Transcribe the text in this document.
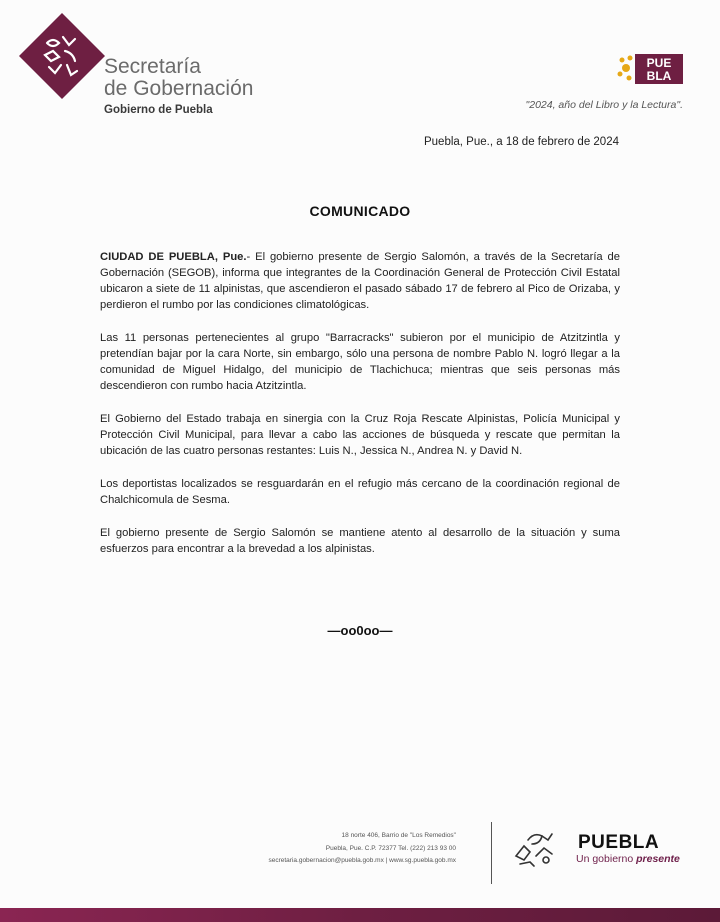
Secretaría
de Gobernación
Gobierno de Puebla
PUE
BLA
"2024, año del Libro y la Lectura".
Puebla, Pue., a 18 de febrero de 2024
COMUNICADO

CIUDAD DE PUEBLA, Pue.- El gobierno presente de Sergio Salomón, a través de la Secretaría de Gobernación (SEGOB), informa que integrantes de la Coordinación General de Protección Civil Estatal ubicaron a siete de 11 alpinistas, que ascendieron el pasado sábado 17 de febrero al Pico de Orizaba, y perdieron el rumbo por las condiciones climatológicas.

Las 11 personas pertenecientes al grupo "Barracracks" subieron por el municipio de Atzitzintla y pretendían bajar por la cara Norte, sin embargo, sólo una persona de nombre Pablo N. logró llegar a la comunidad de Miguel Hidalgo, del municipio de Tlachichuca; mientras que seis personas más descendieron con rumbo hacia Atzitzintla.

El Gobierno del Estado trabaja en sinergia con la Cruz Roja Rescate Alpinistas, Policía Municipal y Protección Civil Municipal, para llevar a cabo las acciones de búsqueda y rescate que permitan la ubicación de las cuatro personas restantes: Luis N., Jessica N., Andrea N. y David N.

Los deportistas localizados se resguardarán en el refugio más cercano de la coordinación regional de Chalchicomula de Sesma.

El gobierno presente de Sergio Salomón se mantiene atento al desarrollo de la situación y suma esfuerzos para encontrar a la brevedad a los alpinistas.

—oo0oo—
18 norte 406, Barrio de "Los Remedios"
Puebla, Pue. C.P. 72377 Tel. (222) 213 93 00
secretaria.gobernacion@puebla.gob.mx | www.sg.puebla.gob.mx
PUEBLA
Un gobierno presente
